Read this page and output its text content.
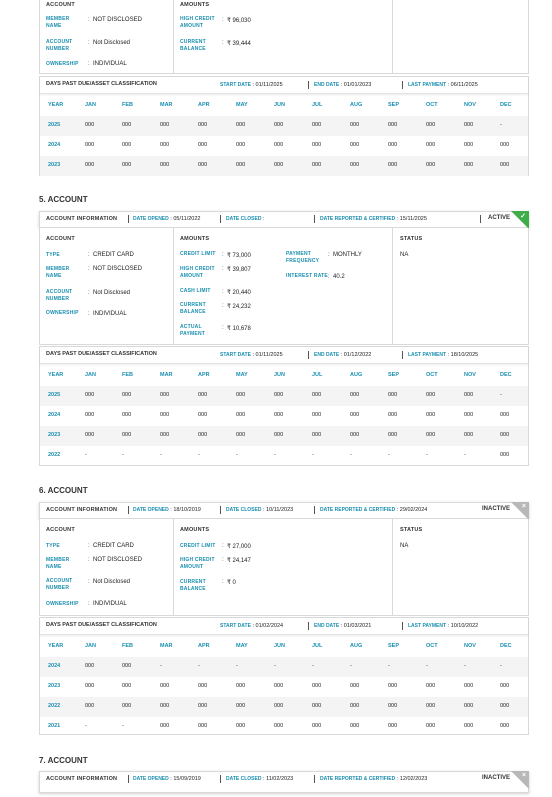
ACCOUNT
MEMBER NAME
: NOT DISCLOSED
ACCOUNT NUMBER
: Not Disclosed
OWNERSHIP : INDIVIDUAL
AMOUNTS
HIGH CREDIT AMOUNT
: ₹ 96,030
CURRENT BALANCE
: ₹ 39,444
DAYS PAST DUE/ASSET CLASSIFICATION	START DATE : 01/11/2025	END DATE : 01/01/2023	LAST PAYMENT : 06/11/2025
YEAR	JAN	FEB	MAR	APR	MAY	JUN	JUL	AUG	SEP	OCT	NOV	DEC
2025	000	000	000	000	000	000	000	000	000	000	000	-
2024	000	000	000	000	000	000	000	000	000	000	000	000
2023	000	000	000	000	000	000	000	000	000	000	000	000
5. ACCOUNT
ACCOUNT INFORMATION	DATE OPENED : 05/11/2022	DATE CLOSED :	DATE REPORTED & CERTIFIED : 15/11/2025	ACTIVE ✓
ACCOUNT
TYPE	: CREDIT CARD
MEMBER NAME
: NOT DISCLOSED
ACCOUNT NUMBER
: Not Disclosed
OWNERSHIP : INDIVIDUAL
AMOUNTS
CREDIT LIMIT : ₹ 73,000
HIGH CREDIT AMOUNT
: ₹ 39,807
CASH LIMIT : ₹ 20,440
CURRENT BALANCE
: ₹ 24,232
ACTUAL PAYMENT
: ₹ 10,678
PAYMENT FREQUENCY
: MONTHLY
INTEREST RATE : 40.2
STATUS
NA
DAYS PAST DUE/ASSET CLASSIFICATION	START DATE : 01/11/2025	END DATE : 01/12/2022	LAST PAYMENT : 18/10/2025
YEAR	JAN	FEB	MAR	APR	MAY	JUN	JUL	AUG	SEP	OCT	NOV	DEC
2025	000	000	000	000	000	000	000	000	000	000	000	-
2024	000	000	000	000	000	000	000	000	000	000	000	000
2023	000	000	000	000	000	000	000	000	000	000	000	000
2022	-	-	-	-	-	-	-	-	-	-	-	000
6. ACCOUNT
ACCOUNT INFORMATION	DATE OPENED : 18/10/2019	DATE CLOSED : 10/11/2023	DATE REPORTED & CERTIFIED : 29/02/2024	INACTIVE ×
ACCOUNT
TYPE	: CREDIT CARD
MEMBER NAME
: NOT DISCLOSED
ACCOUNT NUMBER
: Not Disclosed
OWNERSHIP : INDIVIDUAL
AMOUNTS
CREDIT LIMIT : ₹ 27,000
HIGH CREDIT AMOUNT
: ₹ 24,147
CURRENT BALANCE
: ₹ 0
STATUS
NA
DAYS PAST DUE/ASSET CLASSIFICATION	START DATE : 01/02/2024	END DATE : 01/03/2021	LAST PAYMENT : 10/10/2022
YEAR	JAN	FEB	MAR	APR	MAY	JUN	JUL	AUG	SEP	OCT	NOV	DEC
2024	000	000	-	-	-	-	-	-	-	-	-	-
2023	000	000	000	000	000	000	000	000	000	000	000	000
2022	000	000	000	000	000	000	000	000	000	000	000	000
2021	-	-	000	000	000	000	000	000	000	000	000	000
7. ACCOUNT
ACCOUNT INFORMATION	DATE OPENED : 15/09/2019	DATE CLOSED : 11/02/2023	DATE REPORTED & CERTIFIED : 12/02/2023	INACTIVE ×
